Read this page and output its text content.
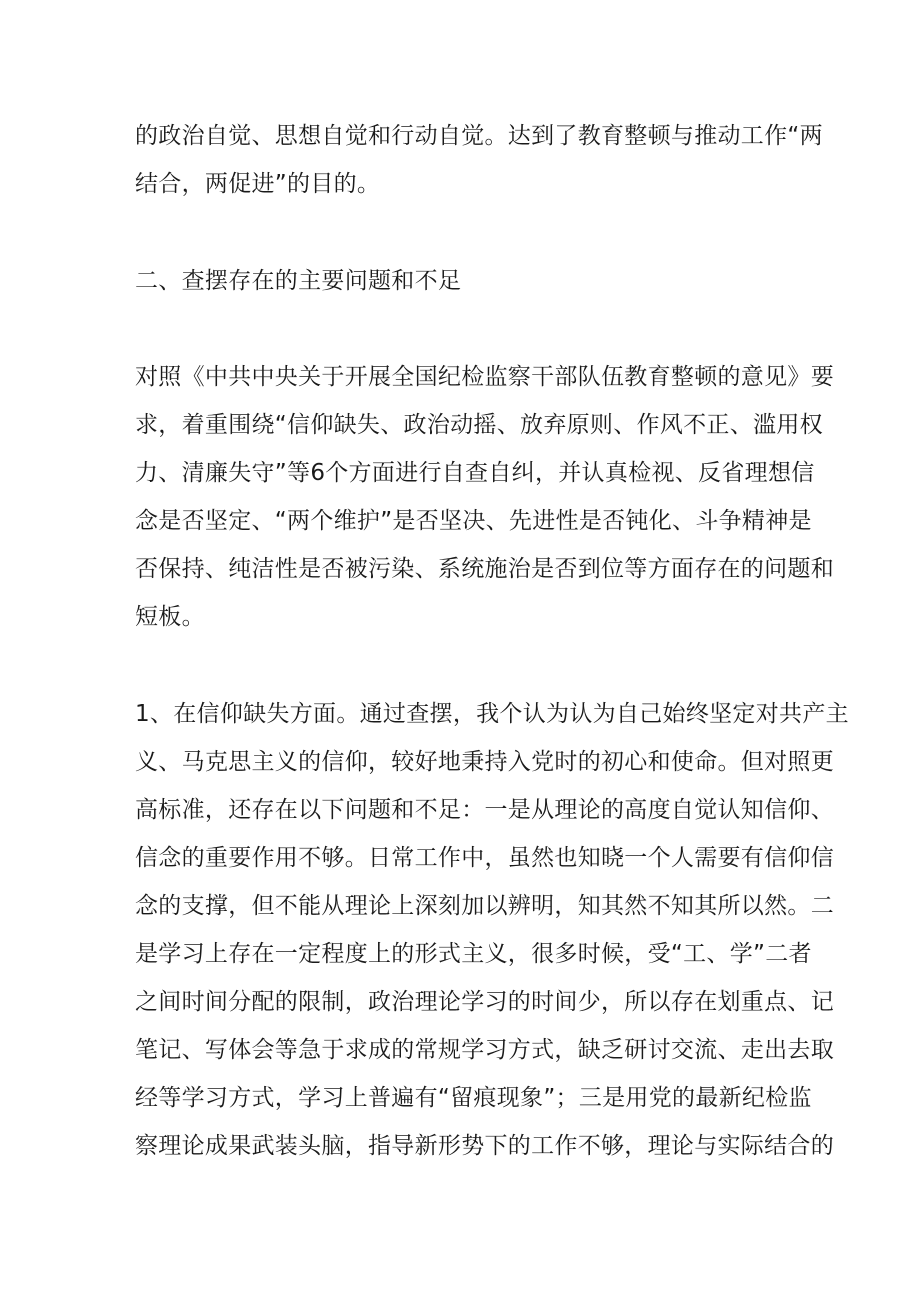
的政治自觉、思想自觉和行动自觉。达到了教育整顿与推动工作“两
结合，两促进”的目的。
二、查摆存在的主要问题和不足
对照《中共中央关于开展全国纪检监察干部队伍教育整顿的意见》要
求，着重围绕“信仰缺失、政治动摇、放弃原则、作风不正、滥用权
力、清廉失守”等6个方面进行自查自纠，并认真检视、反省理想信
念是否坚定、“两个维护”是否坚决、先进性是否钝化、斗争精神是
否保持、纯洁性是否被污染、系统施治是否到位等方面存在的问题和
短板。
1、在信仰缺失方面。通过查摆，我个认为认为自己始终坚定对共产主
义、马克思主义的信仰，较好地秉持入党时的初心和使命。但对照更
高标准，还存在以下问题和不足：一是从理论的高度自觉认知信仰、
信念的重要作用不够。日常工作中，虽然也知晓一个人需要有信仰信
念的支撑，但不能从理论上深刻加以辨明，知其然不知其所以然。二
是学习上存在一定程度上的形式主义，很多时候，受“工、学”二者
之间时间分配的限制，政治理论学习的时间少，所以存在划重点、记
笔记、写体会等急于求成的常规学习方式，缺乏研讨交流、走出去取
经等学习方式，学习上普遍有“留痕现象”；三是用党的最新纪检监
察理论成果武装头脑，指导新形势下的工作不够，理论与实际结合的
